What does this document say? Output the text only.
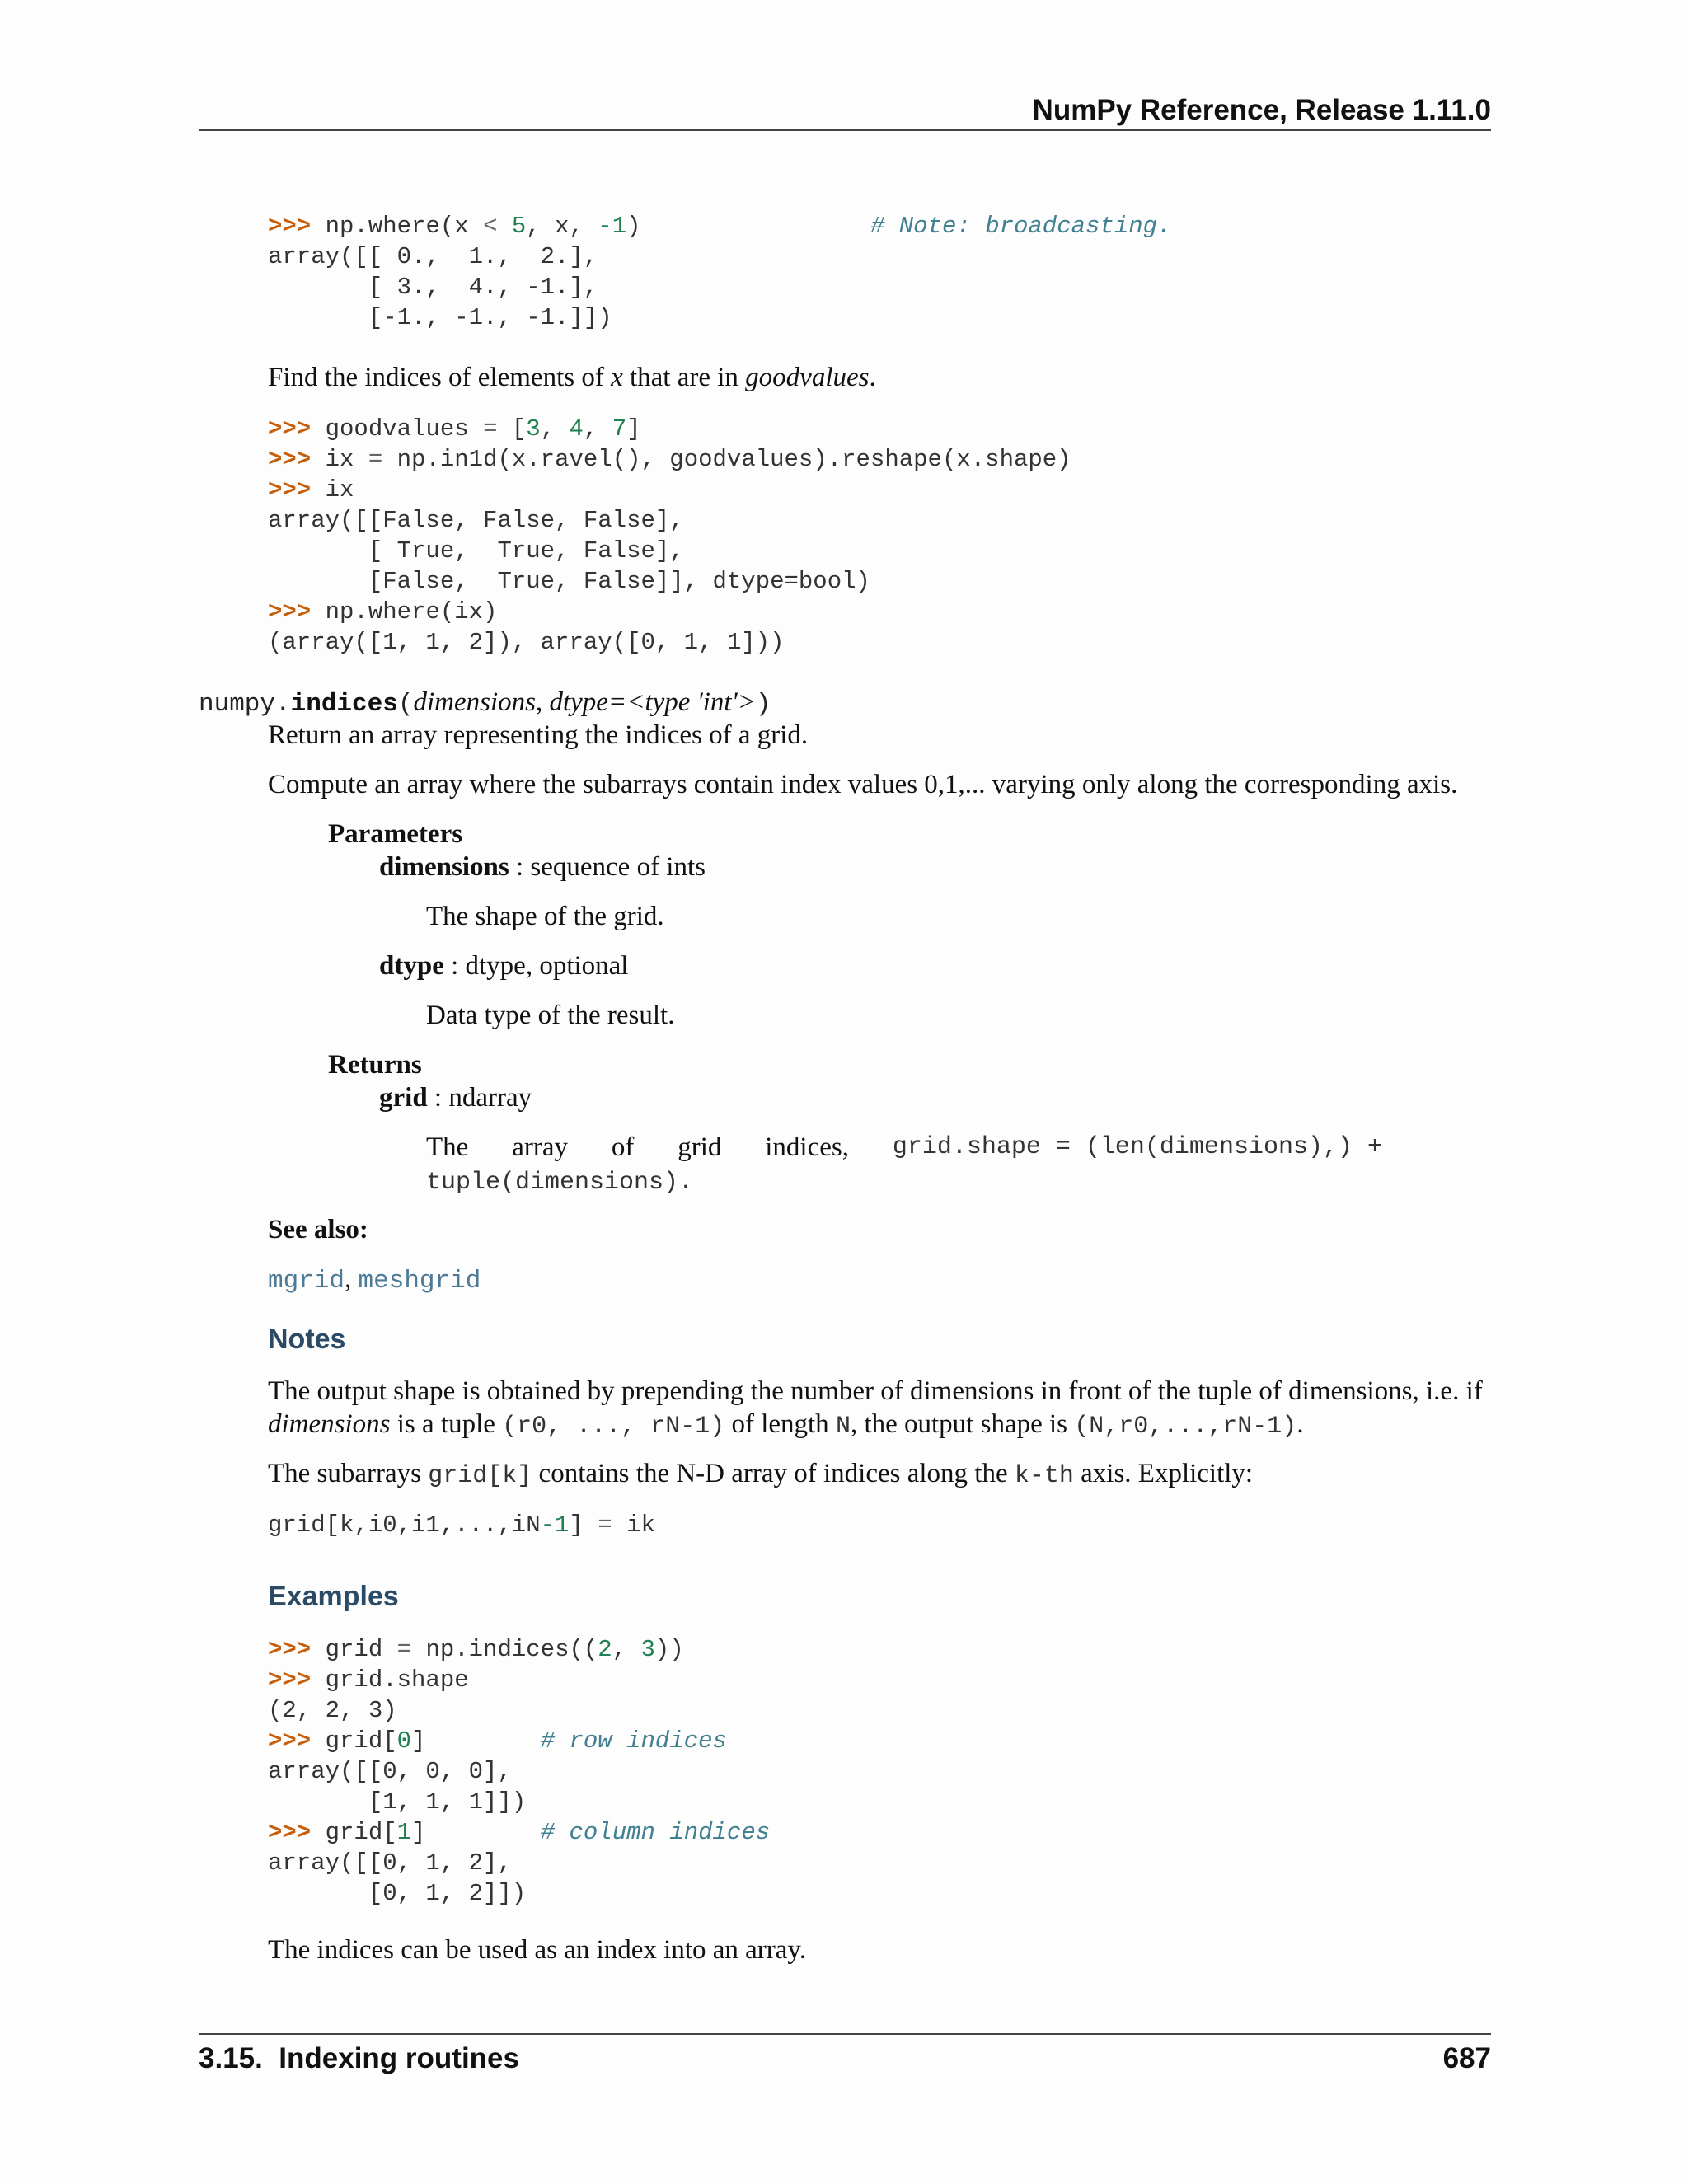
NumPy Reference, Release 1.11.0
>>> np.where(x < 5, x, -1)	# Note: broadcasting.
array([[ 0.,  1.,  2.],
[ 3.,  4., -1.],
[-1., -1., -1.]])
Find the indices of elements of x that are in goodvalues.
>>> goodvalues = [3, 4, 7]
>>> ix = np.in1d(x.ravel(), goodvalues).reshape(x.shape)
>>> ix
array([[False, False, False],
[ True,  True, False],
[False,  True, False]], dtype=bool)
>>> np.where(ix)
(array([1, 1, 2]), array([0, 1, 1]))
numpy.indices(dimensions, dtype=<type 'int'>)
Return an array representing the indices of a grid.
Compute an array where the subarrays contain index values 0,1,... varying only along the corresponding axis.
Parameters
dimensions : sequence of ints
The shape of the grid.
dtype : dtype, optional
Data type of the result.
Returns
grid : ndarray
The array of grid indices, grid.shape = (len(dimensions),) +
tuple(dimensions).
See also:
mgrid, meshgrid
Notes
The output shape is obtained by prepending the number of dimensions in front of the tuple of dimensions, i.e. if
dimensions is a tuple (r0, ..., rN-1) of length N, the output shape is (N,r0,...,rN-1).
The subarrays grid[k] contains the N-D array of indices along the k-th axis. Explicitly:
grid[k,i0,i1,...,iN-1] = ik
Examples
>>> grid = np.indices((2, 3))
>>> grid.shape
(2, 2, 3)
>>> grid[0]	# row indices
array([[0, 0, 0],
[1, 1, 1]])
>>> grid[1]	# column indices
array([[0, 1, 2],
[0, 1, 2]])
The indices can be used as an index into an array.
3.15.  Indexing routines	687
